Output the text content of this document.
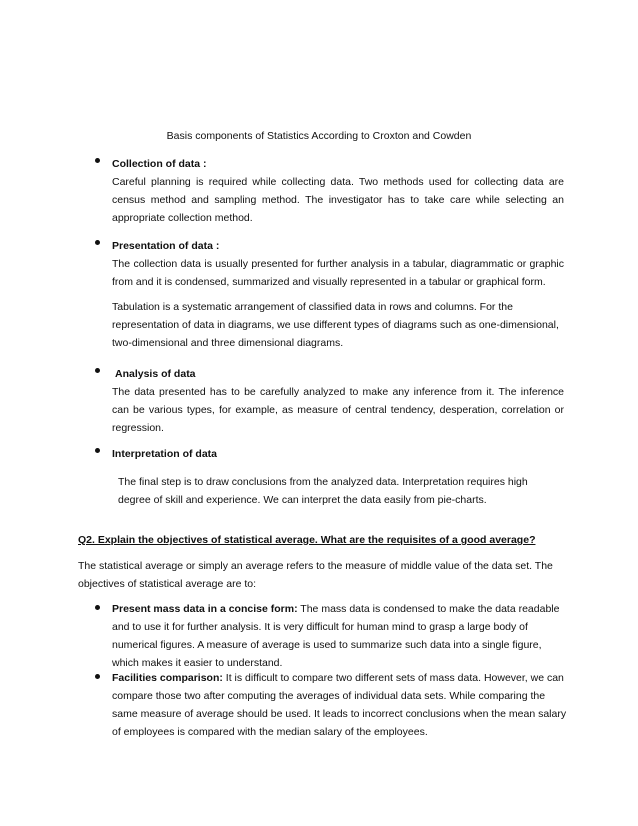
Basis components of Statistics According to Croxton and Cowden
Collection of data :
Careful planning is required while collecting data. Two methods used for collecting data are census method and sampling method. The investigator has to take care while selecting an appropriate collection method.
Presentation of data :
The collection data is usually presented for further analysis in a tabular, diagrammatic or graphic from and it is condensed, summarized and visually represented in a tabular or graphical form.
Tabulation is a systematic arrangement of classified data in rows and columns. For the representation of data in diagrams, we use different types of diagrams such as one-dimensional, two-dimensional and three dimensional diagrams.
Analysis of data
The data presented has to be carefully analyzed to make any inference from it. The inference can be various types, for example, as measure of central tendency, desperation, correlation or regression.
Interpretation of data
The final step is to draw conclusions from the analyzed data. Interpretation requires high degree of skill and experience. We can interpret the data easily from pie-charts.
Q2. Explain the objectives of statistical average. What are the requisites of a good average?
The statistical average or simply an average refers to the measure of middle value of the data set. The objectives of statistical average are to:
Present mass data in a concise form: The mass data is condensed to make the data readable and to use it for further analysis. It is very difficult for human mind to grasp a large body of numerical figures. A measure of average is used to summarize such data into a single figure, which makes it easier to understand.
Facilities comparison: It is difficult to compare two different sets of mass data. However, we can compare those two after computing the averages of individual data sets. While comparing the same measure of average should be used. It leads to incorrect conclusions when the mean salary of employees is compared with the median salary of the employees.
